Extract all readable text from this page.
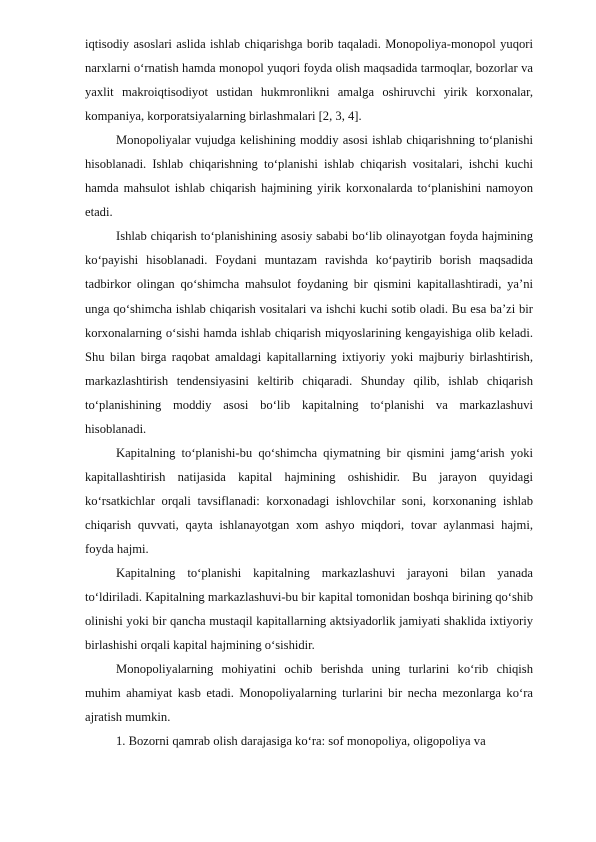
iqtisodiy asoslari aslida ishlab chiqarishga borib taqaladi. Monopoliya-monopol yuqori narxlarni o‘rnatish hamda monopol yuqori foyda olish maqsadida tarmoqlar, bozorlar va yaxlit makroiqtisodiyot ustidan hukmronlikni amalga oshiruvchi yirik korxonalar, kompaniya, korporatsiyalarning birlashmalari [2, 3, 4].

Monopoliyalar vujudga kelishining moddiy asosi ishlab chiqarishning to‘planishi hisoblanadi. Ishlab chiqarishning to‘planishi ishlab chiqarish vositalari, ishchi kuchi hamda mahsulot ishlab chiqarish hajmining yirik korxonalarda to‘planishini namoyon etadi.

Ishlab chiqarish to‘planishining asosiy sababi bo‘lib olinayotgan foyda hajmining ko‘payishi hisoblanadi. Foydani muntazam ravishda ko‘paytirib borish maqsadida tadbirkor olingan qo‘shimcha mahsulot foydaning bir qismini kapitallashtiradi, ya’ni unga qo‘shimcha ishlab chiqarish vositalari va ishchi kuchi sotib oladi. Bu esa ba’zi bir korxonalarning o‘sishi hamda ishlab chiqarish miqyoslarining kengayishiga olib keladi. Shu bilan birga raqobat amaldagi kapitallarning ixtiyoriy yoki majburiy birlashtirish, markazlashtirish tendensiyasini keltirib chiqaradi. Shunday qilib, ishlab chiqarish to‘planishining moddiy asosi bo‘lib kapitalning to‘planishi va markazlashuvi hisoblanadi.

Kapitalning to‘planishi-bu qo‘shimcha qiymatning bir qismini jamg‘arish yoki kapitallashtirish natijasida kapital hajmining oshishidir. Bu jarayon quyidagi ko‘rsatkichlar orqali tavsiflanadi: korxonadagi ishlovchilar soni, korxonaning ishlab chiqarish quvvati, qayta ishlanayotgan xom ashyo miqdori, tovar aylanmasi hajmi, foyda hajmi.

Kapitalning to‘planishi kapitalning markazlashuvi jarayoni bilan yanada to‘ldiriladi. Kapitalning markazlashuvi-bu bir kapital tomonidan boshqa birining qo‘shib olinishi yoki bir qancha mustaqil kapitallarning aktsiyadorlik jamiyati shaklida ixtiyoriy birlashishi orqali kapital hajmining o‘sishidir.

Monopoliyalarning mohiyatini ochib berishda uning turlarini ko‘rib chiqish muhim ahamiyat kasb etadi. Monopoliyalarning turlarini bir necha mezonlarga ko‘ra ajratish mumkin.

1. Bozorni qamrab olish darajasiga ko‘ra: sof monopoliya, oligopoliya va
